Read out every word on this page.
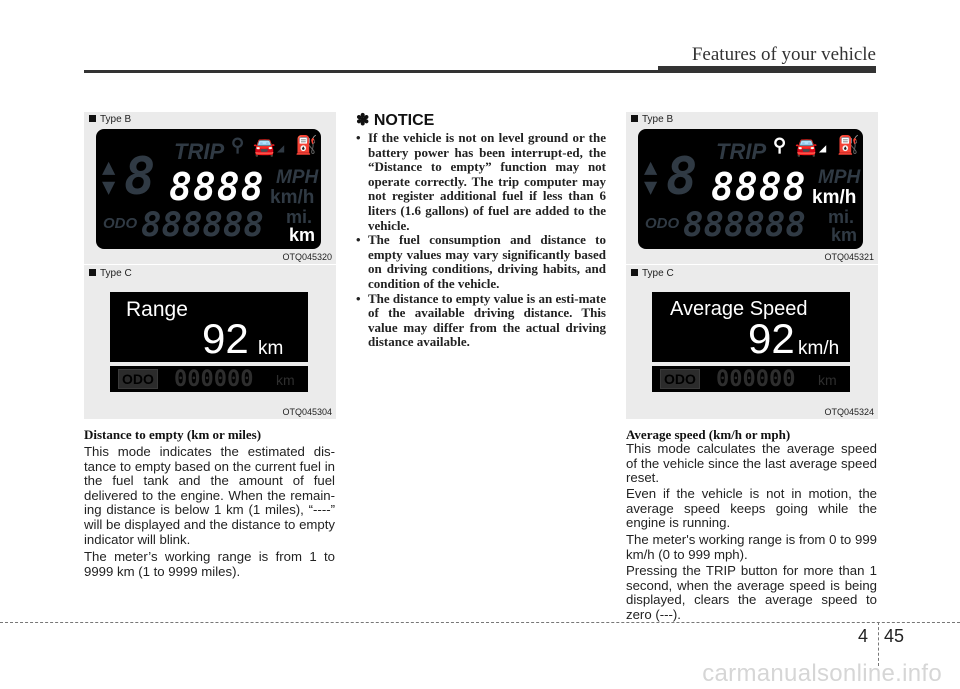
Features of your vehicle
Type B
▲
▼ 8 TRIP ⚲ 🚘 ◢ ⛽
8888 MPH
km/h
ODO 888888 mi.
km
OTQ045320
Type C
Range
92 km
ODO 000000 km
OTQ045304
Distance to empty (km or miles)

This mode indicates the estimated dis-tance to empty based on the current fuel in the fuel tank and the amount of fuel delivered to the engine. When the remain-ing distance is below 1 km (1 miles), “----” will be displayed and the distance to empty indicator will blink.

The meter’s working range is from 1 to 9999 km (1 to 9999 miles).

✽ NOTICE
• If the vehicle is not on level ground or the battery power has been interrupt-ed, the “Distance to empty” function may not operate correctly. The trip computer may not register additional fuel if less than 6 liters (1.6 gallons) of fuel are added to the vehicle.
• The fuel consumption and distance to empty values may vary significantly based on driving conditions, driving habits, and condition of the vehicle.
• The distance to empty value is an esti-mate of the available driving distance. This value may differ from the actual driving distance available.
Type B
▲
▼ 8 TRIP ⚲ 🚘 ◢ ⛽
8888 MPH
km/h
ODO 888888 mi.
km
OTQ045321
Type C
Average Speed
92 km/h
ODO 000000 km
OTQ045324
Average speed (km/h or mph)

This mode calculates the average speed of the vehicle since the last average speed reset.

Even if the vehicle is not in motion, the average speed keeps going while the engine is running.

The meter's working range is from 0 to 999 km/h (0 to 999 mph).

Pressing the TRIP button for more than 1 second, when the average speed is being displayed, clears the average speed to zero (---).

4 45
carmanualsonline.info
